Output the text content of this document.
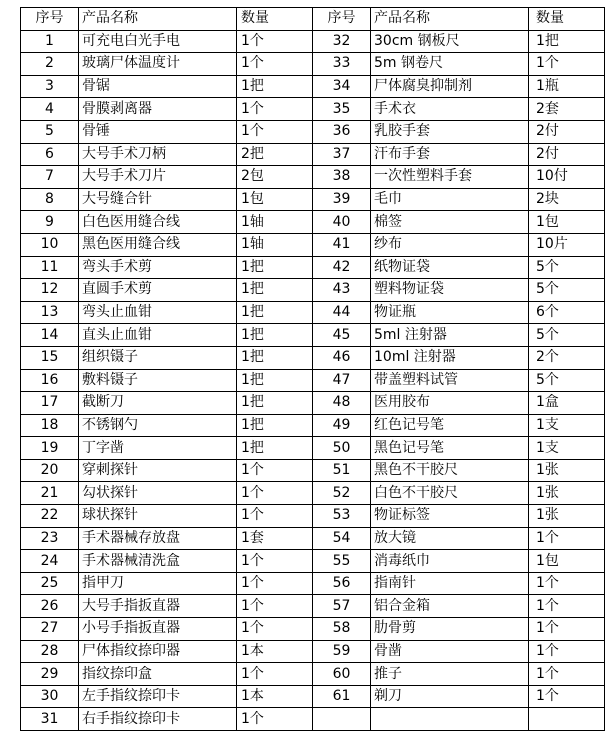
序号	产品名称	数量	序号	产品名称	数量
1	可充电白光手电	1个	32	30cm 钢板尺	1把
2	玻璃尸体温度计	1个	33	5m 钢卷尺	1个
3	骨锯	1把	34	尸体腐臭抑制剂	1瓶
4	骨膜剥离器	1个	35	手术衣	2套
5	骨锤	1个	36	乳胶手套	2付
6	大号手术刀柄	2把	37	汗布手套	2付
7	大号手术刀片	2包	38	一次性塑料手套	10付
8	大号缝合针	1包	39	毛巾	2块
9	白色医用缝合线	1轴	40	棉签	1包
10	黑色医用缝合线	1轴	41	纱布	10片
11	弯头手术剪	1把	42	纸物证袋	5个
12	直圆手术剪	1把	43	塑料物证袋	5个
13	弯头止血钳	1把	44	物证瓶	6个
14	直头止血钳	1把	45	5ml 注射器	5个
15	组织镊子	1把	46	10ml 注射器	2个
16	敷料镊子	1把	47	带盖塑料试管	5个
17	截断刀	1把	48	医用胶布	1盒
18	不锈钢勺	1把	49	红色记号笔	1支
19	丁字凿	1把	50	黑色记号笔	1支
20	穿刺探针	1个	51	黑色不干胶尺	1张
21	勾状探针	1个	52	白色不干胶尺	1张
22	球状探针	1个	53	物证标签	1张
23	手术器械存放盘	1套	54	放大镜	1个
24	手术器械清洗盒	1个	55	消毒纸巾	1包
25	指甲刀	1个	56	指南针	1个
26	大号手指扳直器	1个	57	铝合金箱	1个
27	小号手指扳直器	1个	58	肋骨剪	1个
28	尸体指纹捺印器	1本	59	骨凿	1个
29	指纹捺印盒	1个	60	推子	1个
30	左手指纹捺印卡	1本	61	剃刀	1个
31	右手指纹捺印卡	1个			
